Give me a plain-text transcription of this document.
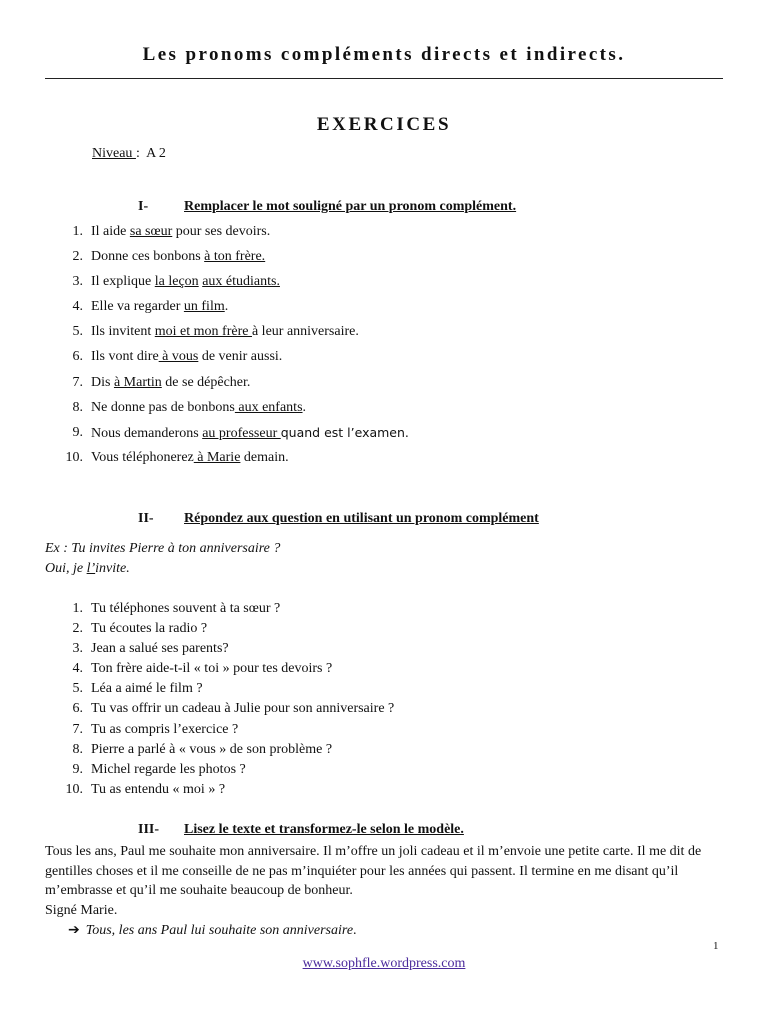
Les pronoms compléments directs et indirects.
EXERCICES
Niveau :  A 2
I-	Remplacer le mot souligné par un pronom complément.
1. Il aide sa sœur pour ses devoirs.
2. Donne ces bonbons à ton frère.
3. Il explique la leçon aux étudiants.
4. Elle va regarder un film.
5. Ils invitent moi et mon frère à leur anniversaire.
6. Ils vont dire à vous de venir aussi.
7. Dis à Martin de se dépêcher.
8. Ne donne pas de bonbons aux enfants.
9. Nous demanderons au professeur quand est l’examen.
10. Vous téléphonerez à Marie demain.
II- Répondez aux question en utilisant un pronom complément
Ex : Tu invites Pierre à ton anniversaire ?
Oui, je l’invite.
1. Tu téléphones souvent à ta sœur ?
2. Tu écoutes la radio ?
3. Jean a salué ses parents?
4. Ton frère aide-t-il « toi » pour tes devoirs ?
5. Léa a aimé le film ?
6. Tu vas offrir un cadeau à Julie pour son anniversaire ?
7. Tu as compris l’exercice ?
8. Pierre a parlé à « vous » de son problème ?
9. Michel regarde les photos ?
10. Tu as entendu « moi » ?
III- Lisez le texte et transformez-le selon le modèle.
Tous les ans, Paul me souhaite mon anniversaire. Il m’offre un joli cadeau et il m’envoie une petite carte. Il me dit de gentilles choses et il me conseille de ne pas m’inquiéter pour les années qui passent. Il termine en me disant qu’il m’embrasse et qu’il me souhaite beaucoup de bonheur.
Signé Marie.
➔ Tous, les ans Paul lui souhaite son anniversaire.
1
www.sophfle.wordpress.com
